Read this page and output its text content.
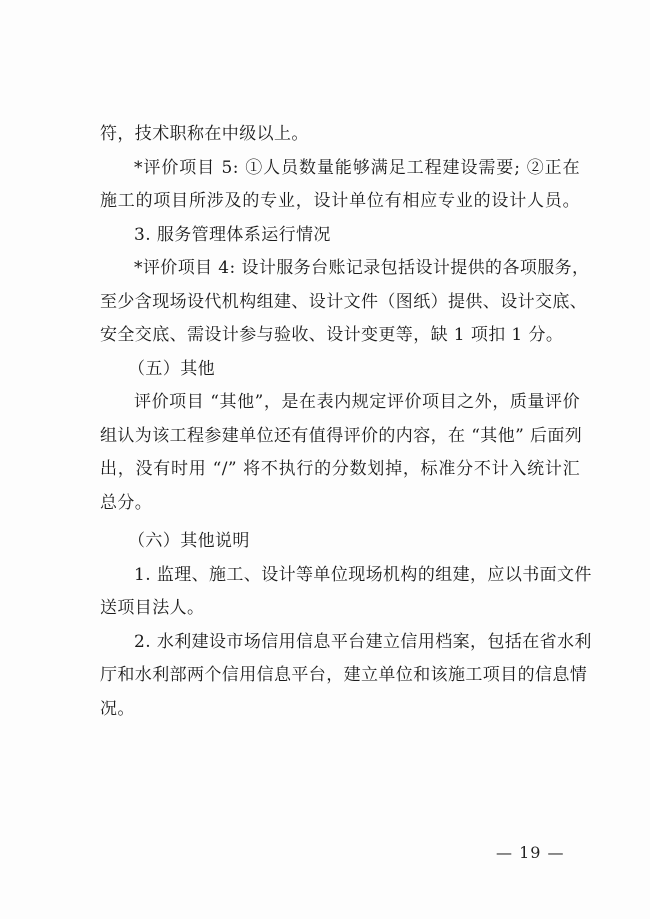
符，技术职称在中级以上。
*评价项目 5: ①人员数量能够满足工程建设需要; ②正在
施工的项目所涉及的专业，设计单位有相应专业的设计人员。
3. 服务管理体系运行情况
*评价项目 4: 设计服务台账记录包括设计提供的各项服务，
至少含现场设代机构组建、设计文件（图纸）提供、设计交底、
安全交底、需设计参与验收、设计变更等，缺 1 项扣 1 分。
（五）其他
评价项目 “其他”，是在表内规定评价项目之外，质量评价
组认为该工程参建单位还有值得评价的内容，在 “其他” 后面列
出，没有时用 “/” 将不执行的分数划掉，标准分不计入统计汇
总分。
（六）其他说明
1. 监理、施工、设计等单位现场机构的组建，应以书面文件
送项目法人。
2. 水利建设市场信用信息平台建立信用档案，包括在省水利
厅和水利部两个信用信息平台，建立单位和该施工项目的信息情
况。
— 19 —
